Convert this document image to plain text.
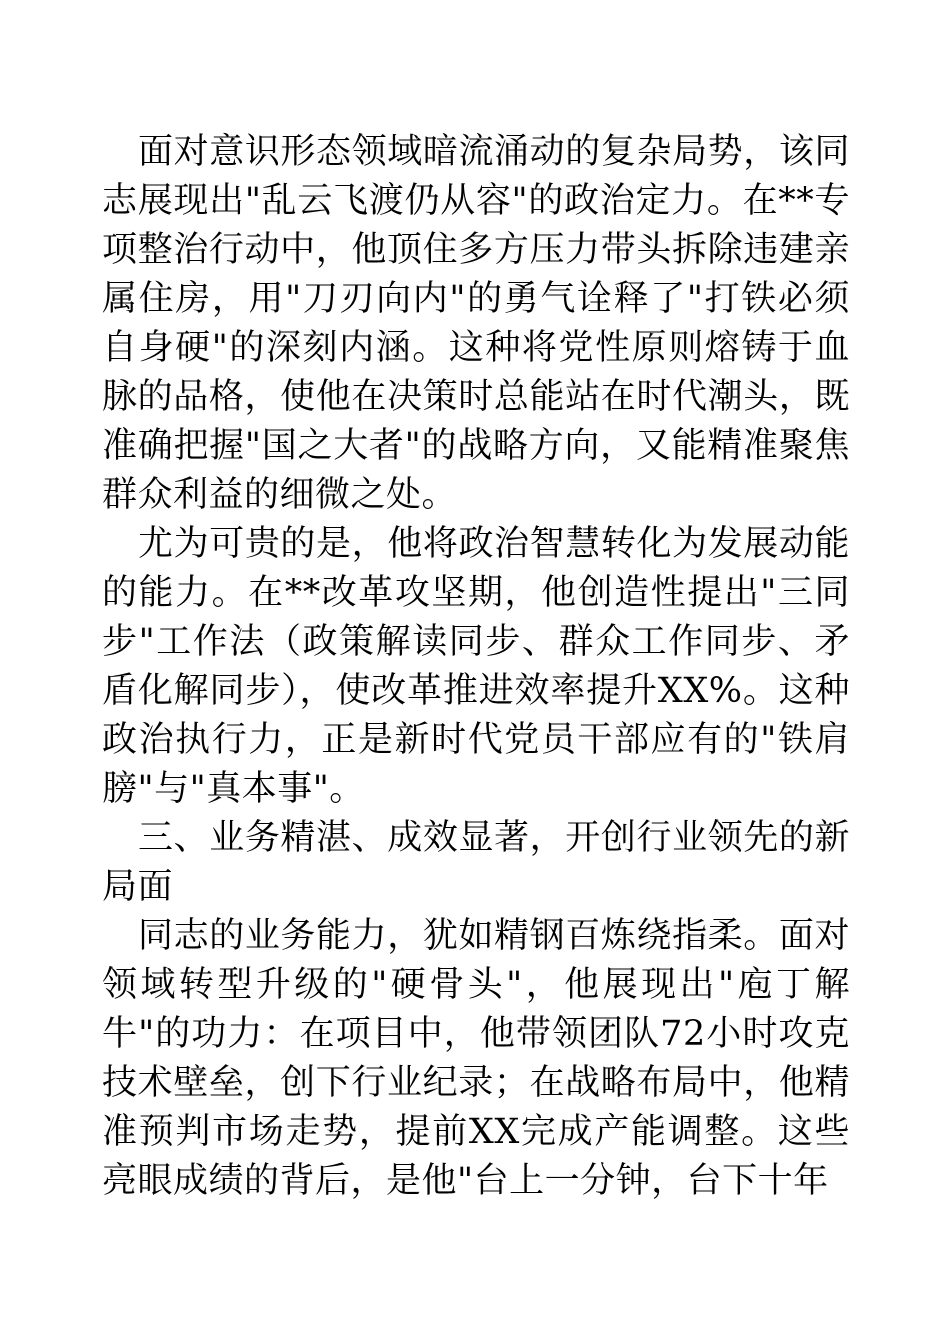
面对意识形态领域暗流涌动的复杂局势，该同志展现出"乱云飞渡仍从容"的政治定力。在**专项整治行动中，他顶住多方压力带头拆除违建亲属住房，用"刀刃向内"的勇气诠释了"打铁必须自身硬"的深刻内涵。这种将党性原则熔铸于血脉的品格，使他在决策时总能站在时代潮头，既准确把握"国之大者"的战略方向，又能精准聚焦群众利益的细微之处。

尤为可贵的是，他将政治智慧转化为发展动能的能力。在**改革攻坚期，他创造性提出"三同步"工作法（政策解读同步、群众工作同步、矛盾化解同步），使改革推进效率提升XX%。这种政治执行力，正是新时代党员干部应有的"铁肩膀"与"真本事"。

三、业务精湛、成效显著，开创行业领先的新局面

同志的业务能力，犹如精钢百炼绕指柔。面对领域转型升级的"硬骨头"，他展现出"庖丁解牛"的功力：在项目中，他带领团队72小时攻克技术壁垒，创下行业纪录；在战略布局中，他精准预判市场走势，提前XX完成产能调整。这些亮眼成绩的背后，是他"台上一分钟，台下十年
